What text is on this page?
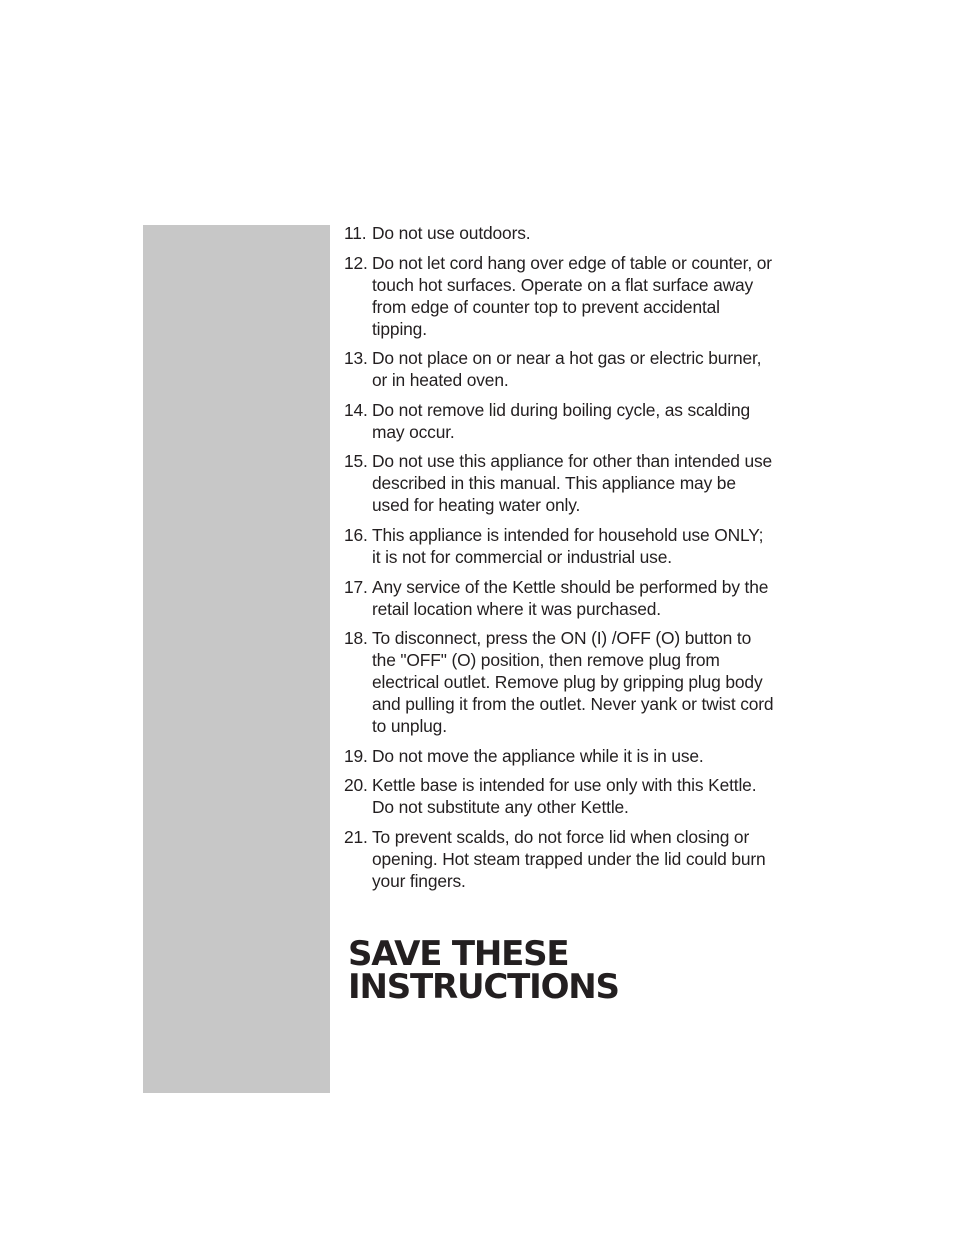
11. Do not use outdoors.
12. Do not let cord hang over edge of table or counter, or touch hot surfaces. Operate on a flat surface away from edge of counter top to prevent accidental tipping.
13. Do not place on or near a hot gas or electric burner, or in heated oven.
14. Do not remove lid during boiling cycle, as scalding may occur.
15. Do not use this appliance for other than intended use described in this manual. This appliance may be used for heating water only.
16. This appliance is intended for household use ONLY; it is not for commercial or industrial use.
17. Any service of the Kettle should be performed by the retail location where it was purchased.
18. To disconnect, press the ON (I) /OFF (O) button to the "OFF" (O) position, then remove plug from electrical outlet. Remove plug by gripping plug body and pulling it from the outlet. Never yank or twist cord to unplug.
19. Do not move the appliance while it is in use.
20. Kettle base is intended for use only with this Kettle. Do not substitute any other Kettle.
21. To prevent scalds, do not force lid when closing or opening. Hot steam trapped under the lid could burn your fingers.
SAVE THESE
INSTRUCTIONS
